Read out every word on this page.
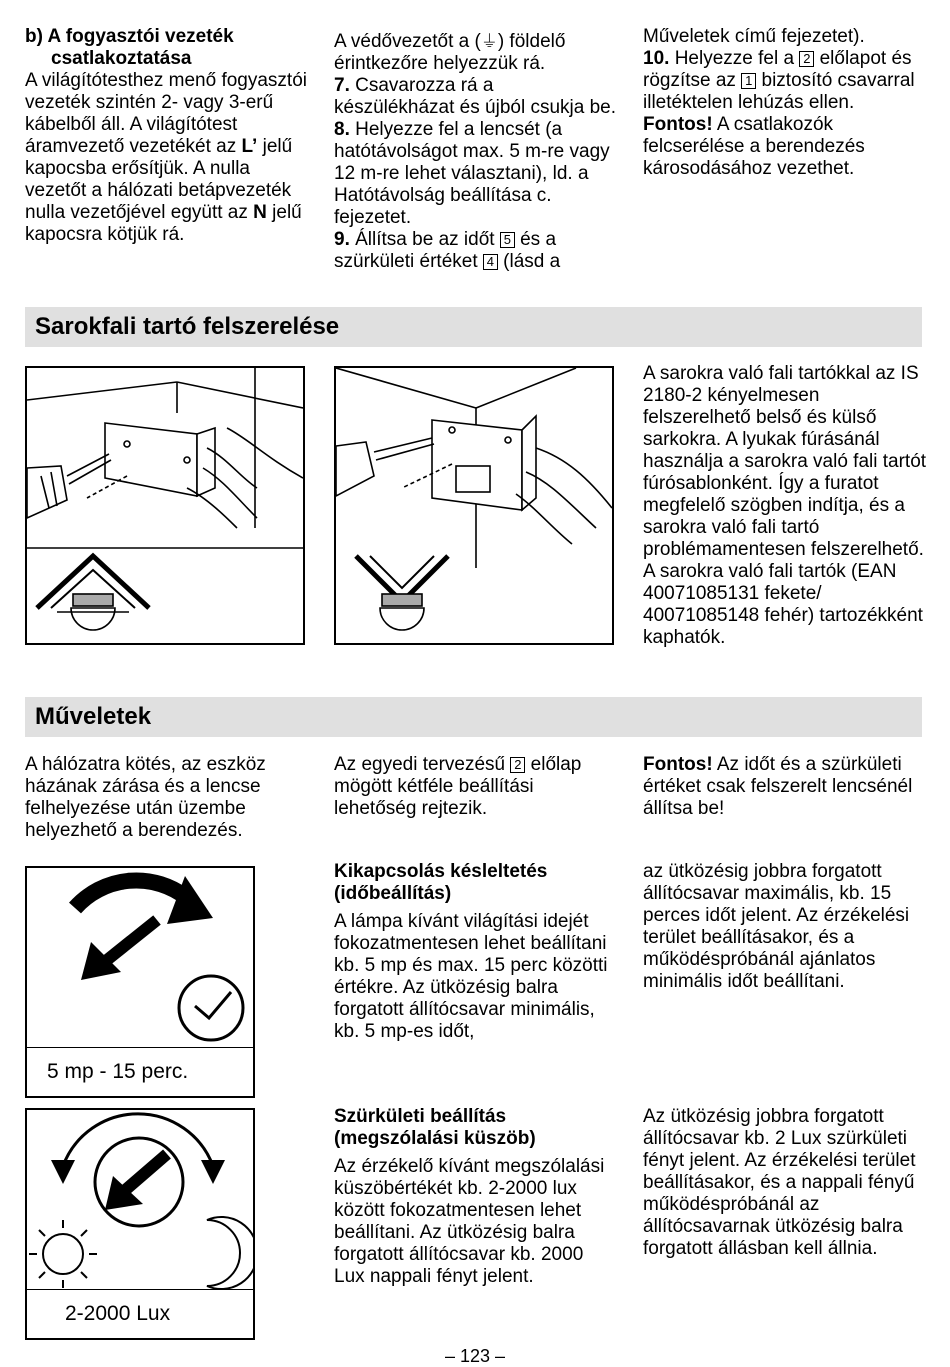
b) A fogyasztói vezeték
csatlakoztatása

A világítótesthez menő fogyasztói vezeték szintén 2- vagy 3-erű kábelből áll. A világítótest áramvezető vezetékét az L’ jelű kapocsba erősítjük. A nulla vezetőt a hálózati betápvezeték nulla vezetőjével együtt az N jelű kapocsra kötjük rá.

A védővezetőt a (⏚) földelő érintkezőre helyezzük rá.

7. Csavarozza rá a készülékházat és újból csukja be.

8. Helyezze fel a lencsét (a hatótávolságot max. 5 m-re vagy 12 m-re lehet választani), ld. a Hatótávolság beállítása c. fejezetet.

9. Állítsa be az időt 5 és a szürkületi értéket 4 (lásd a

Műveletek című fejezetet).

10. Helyezze fel a 2 előlapot és rögzítse az 1 biztosító csavarral illetéktelen lehúzás ellen.

Fontos! A csatlakozók felcserélése a berendezés károsodásához vezethet.

Sarokfali tartó felszerelése

A sarokra való fali tartókkal az IS 2180-2 kényelmesen felszerelhető belső és külső sarkokra. A lyukak fúrásánál használja a sarokra való fali tartót fúrósablonként. Így a furatot megfelelő szögben indítja, és a sarokra való fali tartó problémamentesen felszerelhető. A sarokra való fali tartók (EAN 40071085131 fekete/ 40071085148 fehér) tartozékként kaphatók.

Műveletek

A hálózatra kötés, az eszköz házának zárása és a lencse felhelyezése után üzembe helyezhető a berendezés.

Az egyedi tervezésű 2 előlap mögött kétféle beállítási lehetőség rejtezik.

Fontos! Az időt és a szürkületi értéket csak felszerelt lencsénél állítsa be!

5 mp - 15 perc.

Kikapcsolás késleltetés (időbeállítás)

A lámpa kívánt világítási idejét fokozatmentesen lehet beállítani kb. 5 mp és max. 15 perc közötti értékre. Az ütközésig balra forgatott állítócsavar minimális, kb. 5 mp-es időt,

az ütközésig jobbra forgatott állítócsavar maximális, kb. 15 perces időt jelent. Az érzékelési terület beállításakor, és a működéspróbánál ajánlatos minimális időt beállítani.

2-2000 Lux

Szürkületi beállítás (megszólalási küszöb)

Az érzékelő kívánt megszólalási küszöbértékét kb. 2-2000 lux között fokozatmentesen lehet beállítani. Az ütközésig balra forgatott állítócsavar kb. 2000 Lux nappali fényt jelent.

Az ütközésig jobbra forgatott állítócsavar kb. 2 Lux szürkületi fényt jelent. Az érzékelési terület beállításakor, és a nappali fényű működéspróbánál az állítócsavarnak ütközésig balra forgatott állásban kell állnia.

– 123 –
